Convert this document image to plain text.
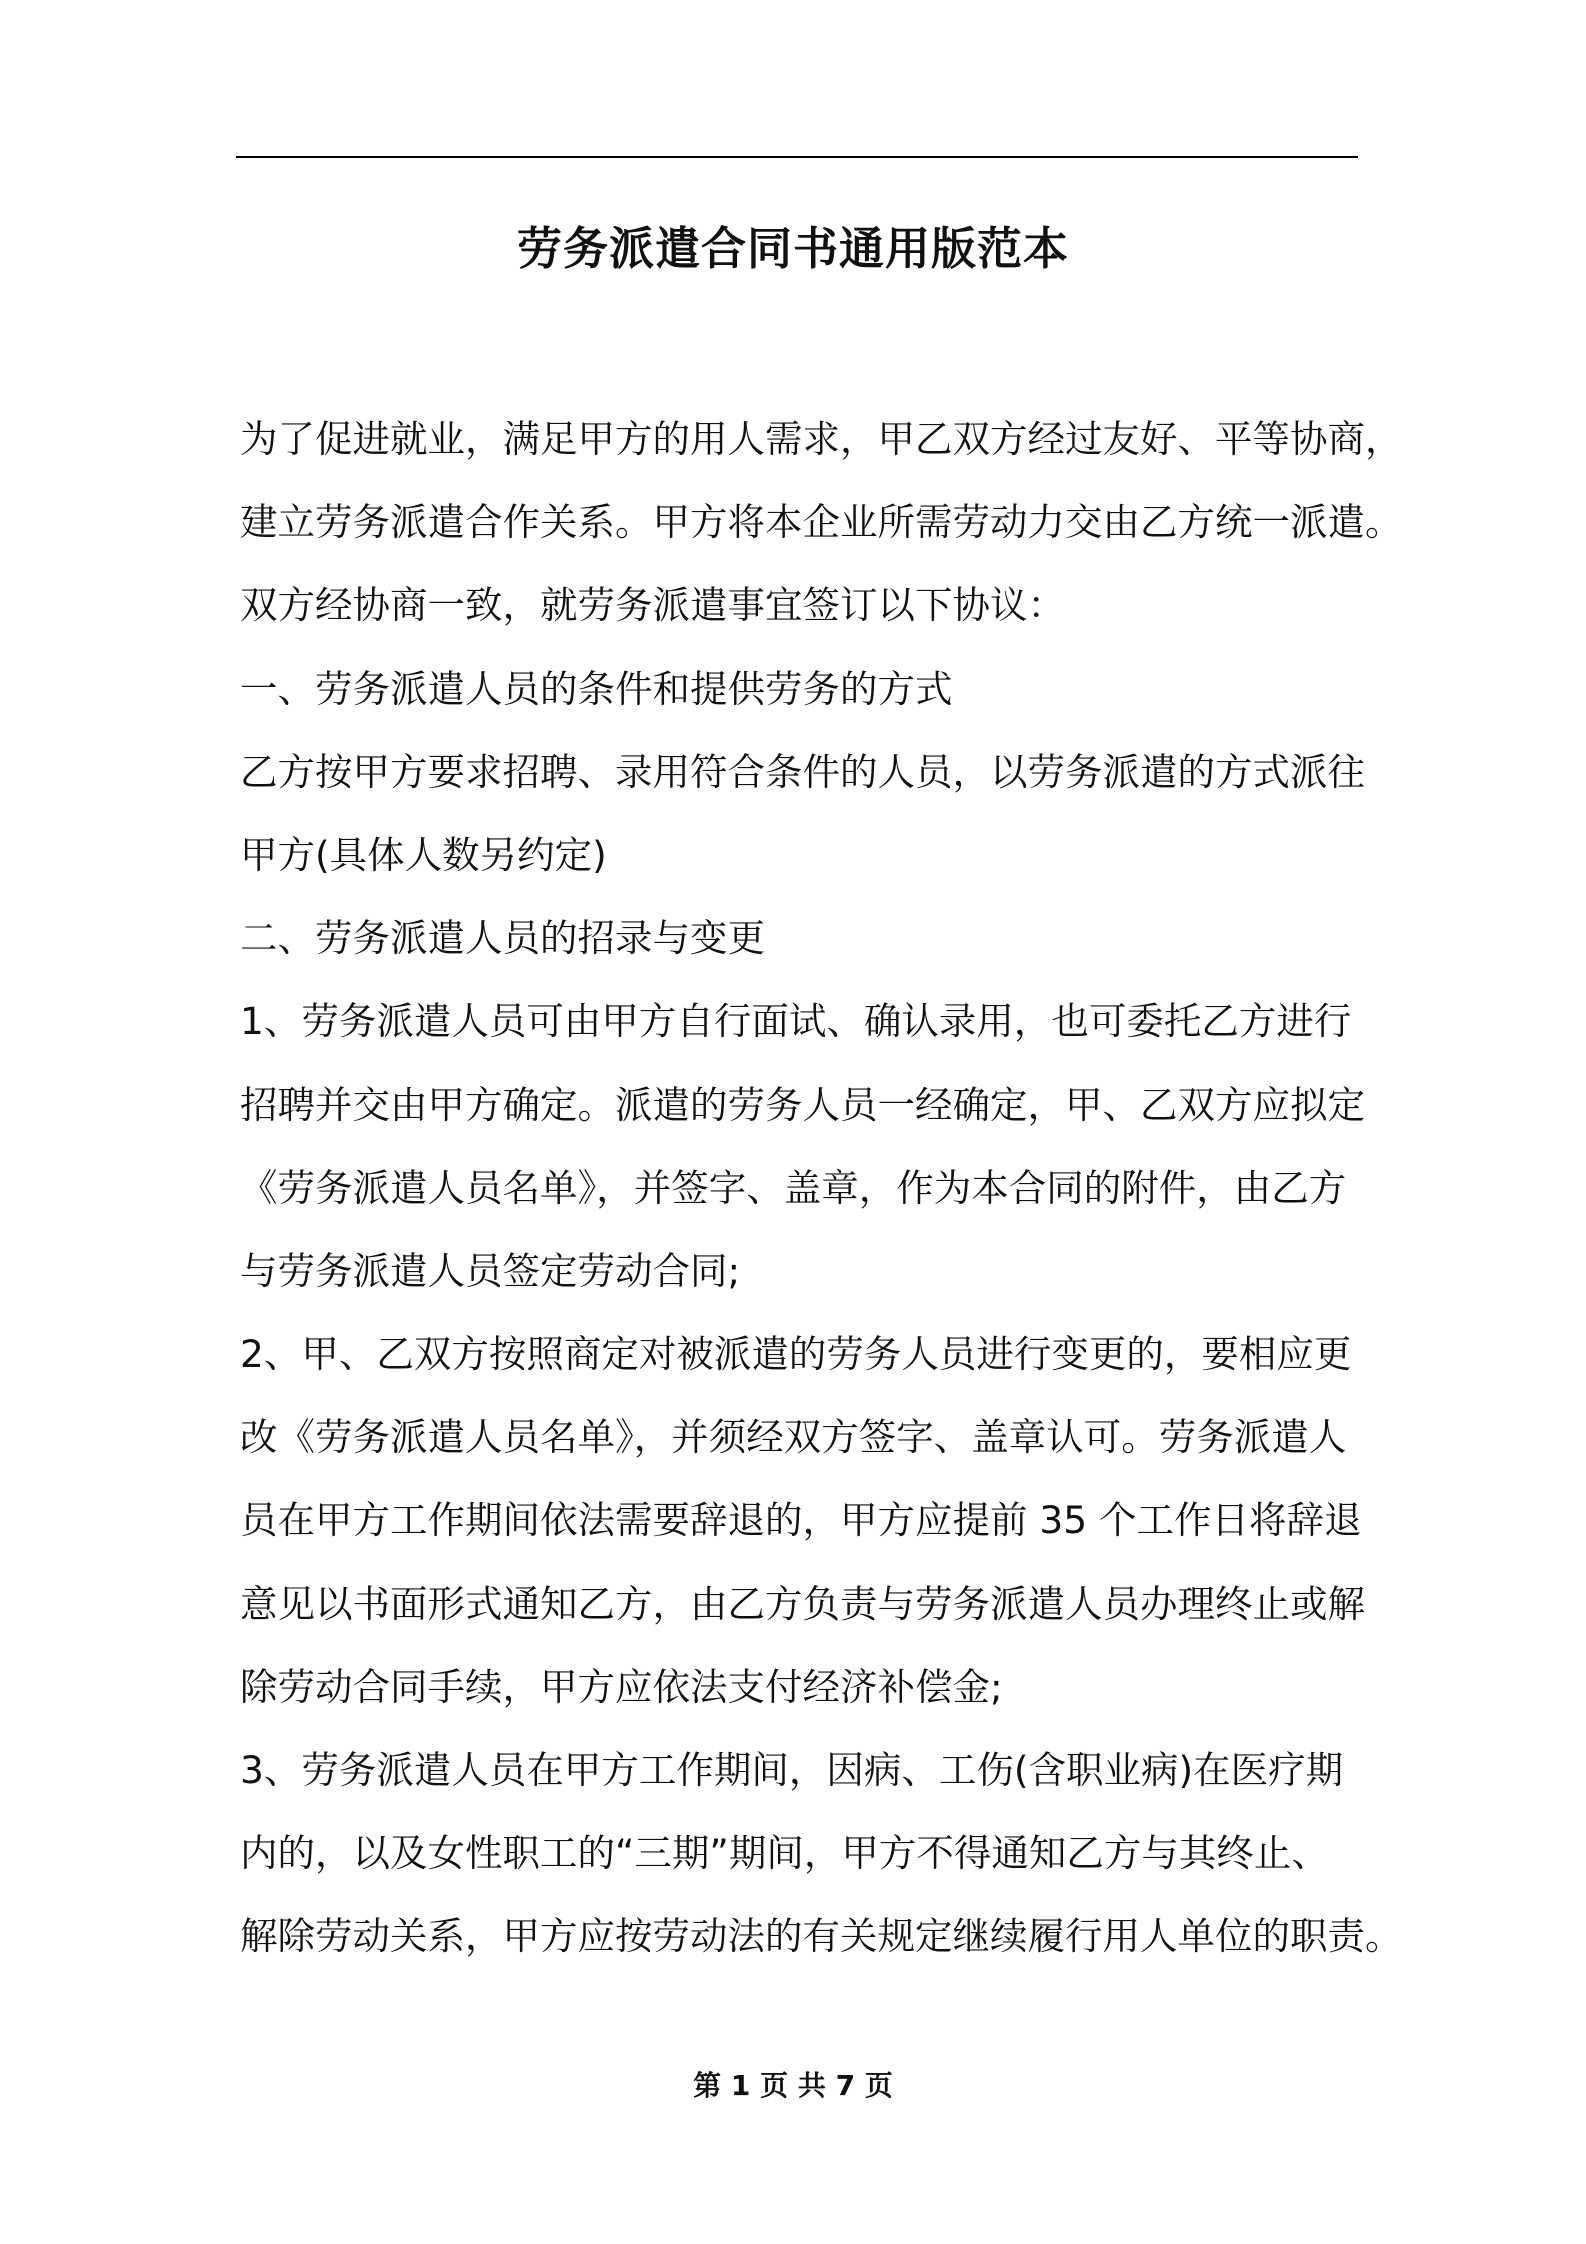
劳务派遣合同书通用版范本
为了促进就业，满足甲方的用人需求，甲乙双方经过友好、平等协商，
建立劳务派遣合作关系。甲方将本企业所需劳动力交由乙方统一派遣。
双方经协商一致，就劳务派遣事宜签订以下协议：
一、劳务派遣人员的条件和提供劳务的方式
乙方按甲方要求招聘、录用符合条件的人员，以劳务派遣的方式派往
甲方(具体人数另约定)
二、劳务派遣人员的招录与变更
1、劳务派遣人员可由甲方自行面试、确认录用，也可委托乙方进行
招聘并交由甲方确定。派遣的劳务人员一经确定，甲、乙双方应拟定
《劳务派遣人员名单》，并签字、盖章，作为本合同的附件，由乙方
与劳务派遣人员签定劳动合同;
2、甲、乙双方按照商定对被派遣的劳务人员进行变更的，要相应更
改《劳务派遣人员名单》，并须经双方签字、盖章认可。劳务派遣人
员在甲方工作期间依法需要辞退的，甲方应提前 35 个工作日将辞退
意见以书面形式通知乙方，由乙方负责与劳务派遣人员办理终止或解
除劳动合同手续，甲方应依法支付经济补偿金;
3、劳务派遣人员在甲方工作期间，因病、工伤(含职业病)在医疗期
内的，以及女性职工的“三期”期间，甲方不得通知乙方与其终止、
解除劳动关系，甲方应按劳动法的有关规定继续履行用人单位的职责。
第 1 页 共 7 页
